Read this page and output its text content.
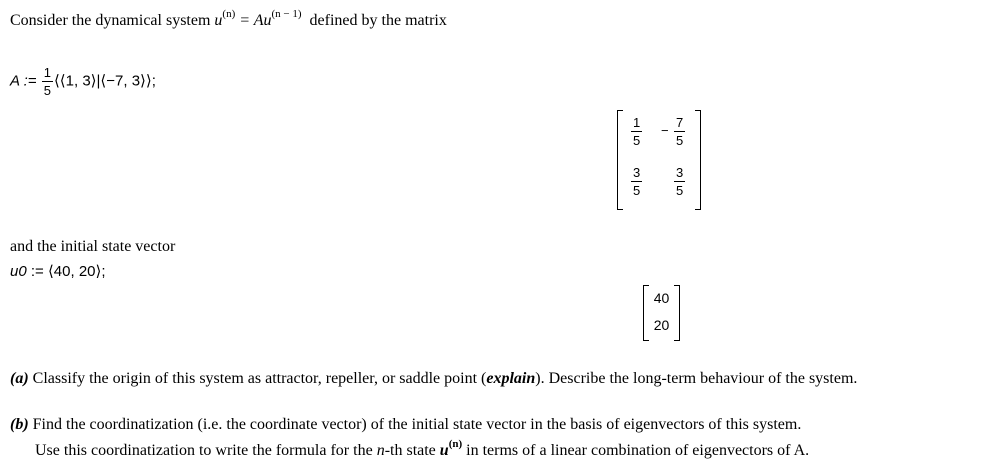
Consider the dynamical system $u^{(n)} = Au^{(n - 1)}$ defined by the matrix
A := $\frac{1}{5}$ ⟨⟨1, 3⟩|⟨−7, 3⟩⟩;
1
5
−
7
5
3
5
3
5
and the initial state vector
u0 := ⟨40, 20⟩;
40
20
(a) Classify the origin of this system as attractor, repeller, or saddle point (explain). Describe the long-term behaviour of the system.
(b) Find the coordinatization (i.e. the coordinate vector) of the initial state vector in the basis of eigenvectors of this system.
Use this coordinatization to write the formula for the n-th state $u^{(n)}$ in terms of a linear combination of eigenvectors of A.
